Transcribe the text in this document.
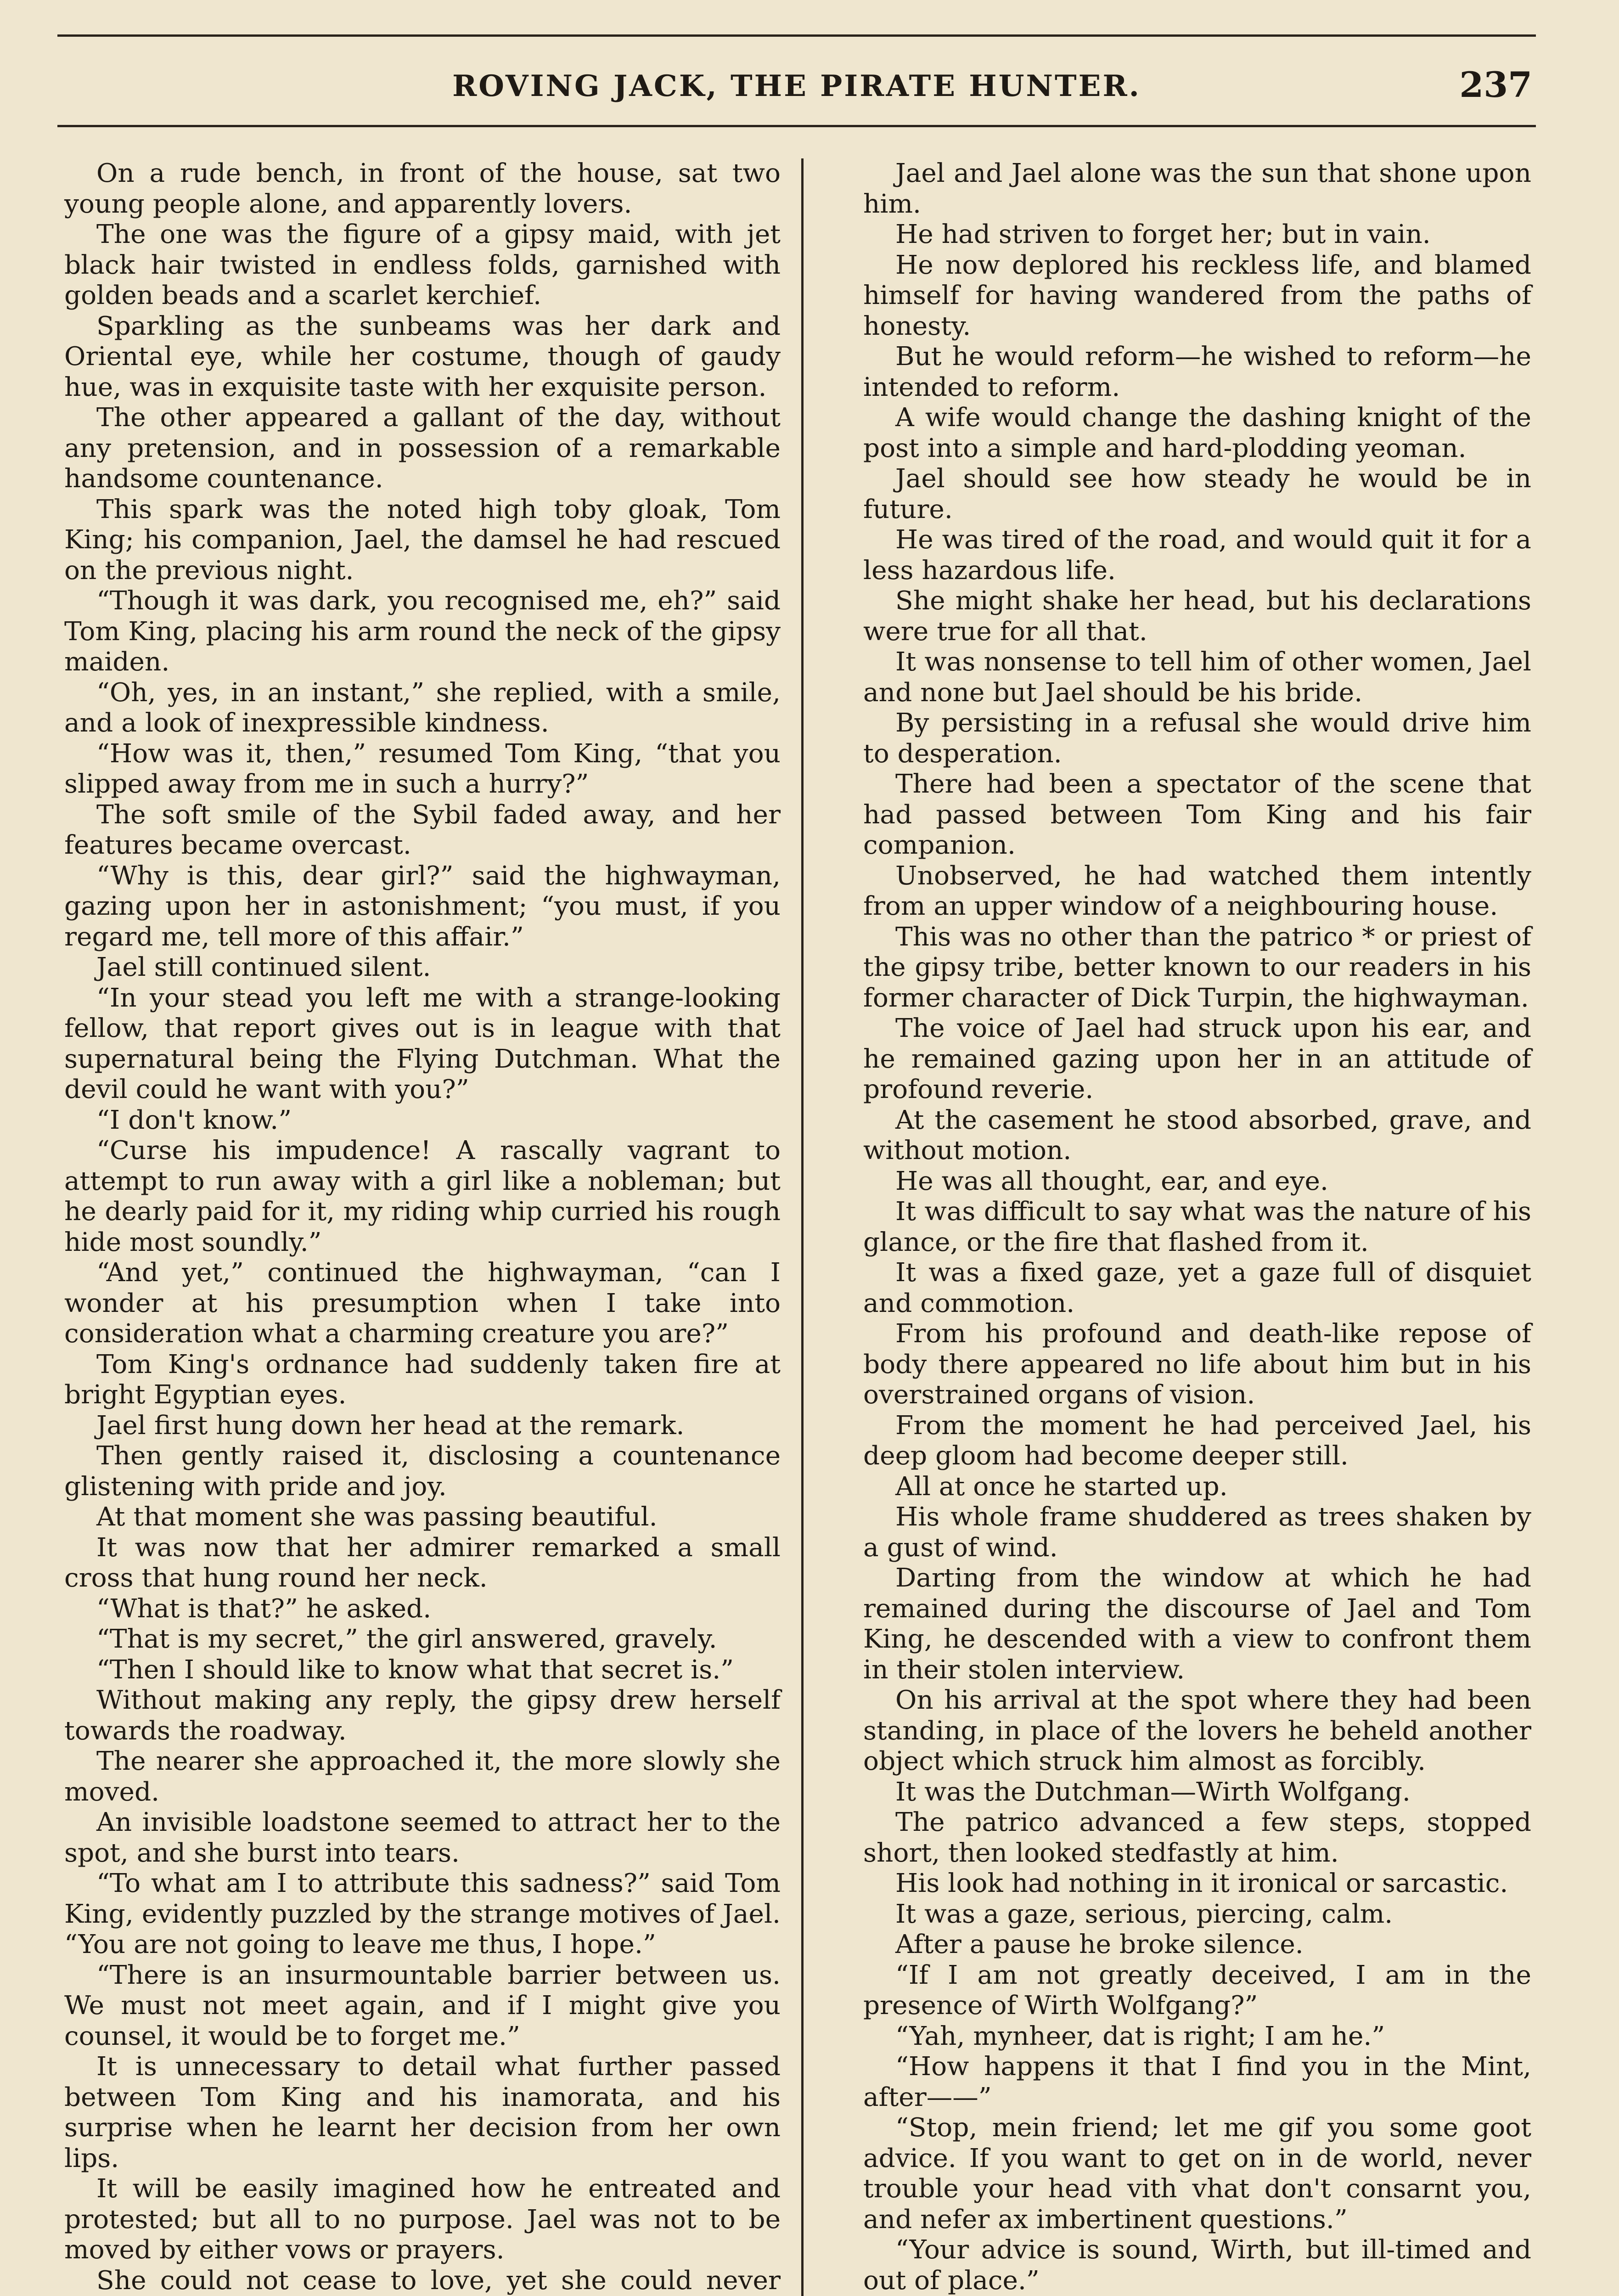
ROVING JACK, THE PIRATE HUNTER.	237

On a rude bench, in front of the house, sat two young people alone, and apparently lovers.

The one was the figure of a gipsy maid, with jet black hair twisted in endless folds, garnished with golden beads and a scarlet kerchief.

Sparkling as the sunbeams was her dark and Oriental eye, while her costume, though of gaudy hue, was in exquisite taste with her exquisite person.

The other appeared a gallant of the day, without any pretension, and in possession of a remarkable handsome countenance.

This spark was the noted high toby gloak, Tom King; his companion, Jael, the damsel he had rescued on the previous night.

“Though it was dark, you recognised me, eh?” said Tom King, placing his arm round the neck of the gipsy maiden.

“Oh, yes, in an instant,” she replied, with a smile, and a look of inexpressible kindness.

“How was it, then,” resumed Tom King, “that you slipped away from me in such a hurry?”

The soft smile of the Sybil faded away, and her features became overcast.

“Why is this, dear girl?” said the highwayman, gazing upon her in astonishment; “you must, if you regard me, tell more of this affair.”

Jael still continued silent.

“In your stead you left me with a strange-looking fellow, that report gives out is in league with that supernatural being the Flying Dutchman. What the devil could he want with you?”

“I don't know.”

“Curse his impudence! A rascally vagrant to attempt to run away with a girl like a nobleman; but he dearly paid for it, my riding whip curried his rough hide most soundly.”

“And yet,” continued the highwayman, “can I wonder at his presumption when I take into consideration what a charming creature you are?”

Tom King's ordnance had suddenly taken fire at bright Egyptian eyes.

Jael first hung down her head at the remark.

Then gently raised it, disclosing a countenance glistening with pride and joy.

At that moment she was passing beautiful.

It was now that her admirer remarked a small cross that hung round her neck.

“What is that?” he asked.

“That is my secret,” the girl answered, gravely.

“Then I should like to know what that secret is.”

Without making any reply, the gipsy drew herself towards the roadway.

The nearer she approached it, the more slowly she moved.

An invisible loadstone seemed to attract her to the spot, and she burst into tears.

“To what am I to attribute this sadness?” said Tom King, evidently puzzled by the strange motives of Jael. “You are not going to leave me thus, I hope.”

“There is an insurmountable barrier between us. We must not meet again, and if I might give you counsel, it would be to forget me.”

It is unnecessary to detail what further passed between Tom King and his inamorata, and his surprise when he learnt her decision from her own lips.

It will be easily imagined how he entreated and protested; but all to no purpose. Jael was not to be moved by either vows or prayers.

She could not cease to love, yet she could never

Jael and Jael alone was the sun that shone upon him.

He had striven to forget her; but in vain.

He now deplored his reckless life, and blamed himself for having wandered from the paths of honesty.

But he would reform—he wished to reform—he intended to reform.

A wife would change the dashing knight of the post into a simple and hard-plodding yeoman.

Jael should see how steady he would be in future.

He was tired of the road, and would quit it for a less hazardous life.

She might shake her head, but his declarations were true for all that.

It was nonsense to tell him of other women, Jael and none but Jael should be his bride.

By persisting in a refusal she would drive him to desperation.

There had been a spectator of the scene that had passed between Tom King and his fair companion.

Unobserved, he had watched them intently from an upper window of a neighbouring house.

This was no other than the patrico * or priest of the gipsy tribe, better known to our readers in his former character of Dick Turpin, the highwayman.

The voice of Jael had struck upon his ear, and he remained gazing upon her in an attitude of profound reverie.

At the casement he stood absorbed, grave, and without motion.

He was all thought, ear, and eye.

It was difficult to say what was the nature of his glance, or the fire that flashed from it.

It was a fixed gaze, yet a gaze full of disquiet and commotion.

From his profound and death-like repose of body there appeared no life about him but in his overstrained organs of vision.

From the moment he had perceived Jael, his deep gloom had become deeper still.

All at once he started up.

His whole frame shuddered as trees shaken by a gust of wind.

Darting from the window at which he had remained during the discourse of Jael and Tom King, he descended with a view to confront them in their stolen interview.

On his arrival at the spot where they had been standing, in place of the lovers he beheld another object which struck him almost as forcibly.

It was the Dutchman—Wirth Wolfgang.

The patrico advanced a few steps, stopped short, then looked stedfastly at him.

His look had nothing in it ironical or sarcastic.

It was a gaze, serious, piercing, calm.

After a pause he broke silence.

“If I am not greatly deceived, I am in the presence of Wirth Wolfgang?”

“Yah, mynheer, dat is right; I am he.”

“How happens it that I find you in the Mint, after——”

“Stop, mein friend; let me gif you some goot advice. If you want to get on in de world, never trouble your head vith vhat don't consarnt you, and nefer ax imbertinent questions.”

“Your advice is sound, Wirth, but ill-timed and out of place.”
